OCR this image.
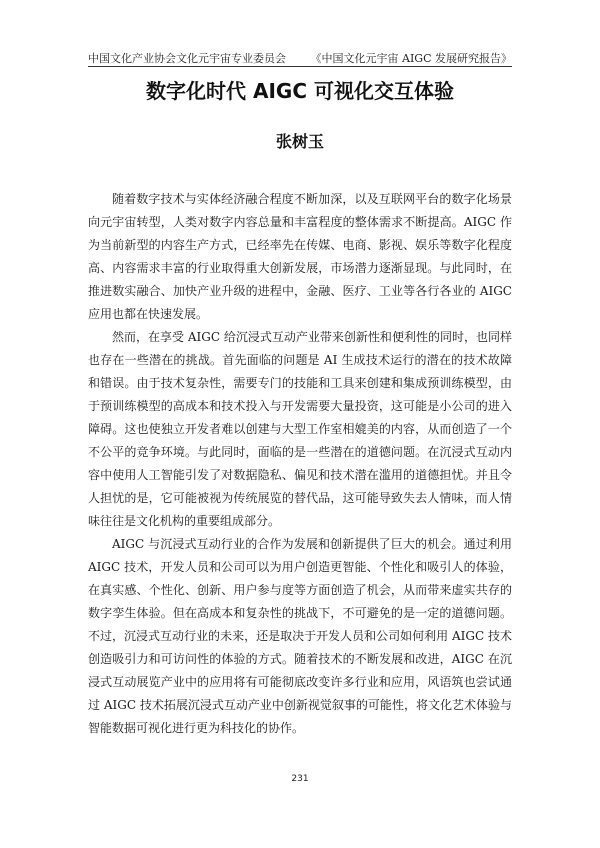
中国文化产业协会文化元宇宙专业委员会 《中国文化元宇宙 AIGC 发展研究报告》
数字化时代 AIGC 可视化交互体验
张树玉

随着数字技术与实体经济融合程度不断加深，以及互联网平台的数字化场景向元宇宙转型，人类对数字内容总量和丰富程度的整体需求不断提高。AIGC 作为当前新型的内容生产方式，已经率先在传媒、电商、影视、娱乐等数字化程度高、内容需求丰富的行业取得重大创新发展，市场潜力逐渐显现。与此同时，在推进数实融合、加快产业升级的进程中，金融、医疗、工业等各行各业的 AIGC 应用也都在快速发展。

然而，在享受 AIGC 给沉浸式互动产业带来创新性和便利性的同时，也同样也存在一些潜在的挑战。首先面临的问题是 AI 生成技术运行的潜在的技术故障和错误。由于技术复杂性，需要专门的技能和工具来创建和集成预训练模型，由于预训练模型的高成本和技术投入与开发需要大量投资，这可能是小公司的进入障碍。这也使独立开发者难以创建与大型工作室相媲美的内容，从而创造了一个不公平的竞争环境。与此同时，面临的是一些潜在的道德问题。在沉浸式互动内容中使用人工智能引发了对数据隐私、偏见和技术潜在滥用的道德担忧。并且令人担忧的是，它可能被视为传统展览的替代品，这可能导致失去人情味，而人情味往往是文化机构的重要组成部分。

AIGC 与沉浸式互动行业的合作为发展和创新提供了巨大的机会。通过利用 AIGC 技术，开发人员和公司可以为用户创造更智能、个性化和吸引人的体验，在真实感、个性化、创新、用户参与度等方面创造了机会，从而带来虚实共存的数字孪生体验。但在高成本和复杂性的挑战下，不可避免的是一定的道德问题。不过，沉浸式互动行业的未来，还是取决于开发人员和公司如何利用 AIGC 技术创造吸引力和可访问性的体验的方式。随着技术的不断发展和改进，AIGC 在沉浸式互动展览产业中的应用将有可能彻底改变许多行业和应用，风语筑也尝试通过 AIGC 技术拓展沉浸式互动产业中创新视觉叙事的可能性，将文化艺术体验与智能数据可视化进行更为科技化的协作。

231
